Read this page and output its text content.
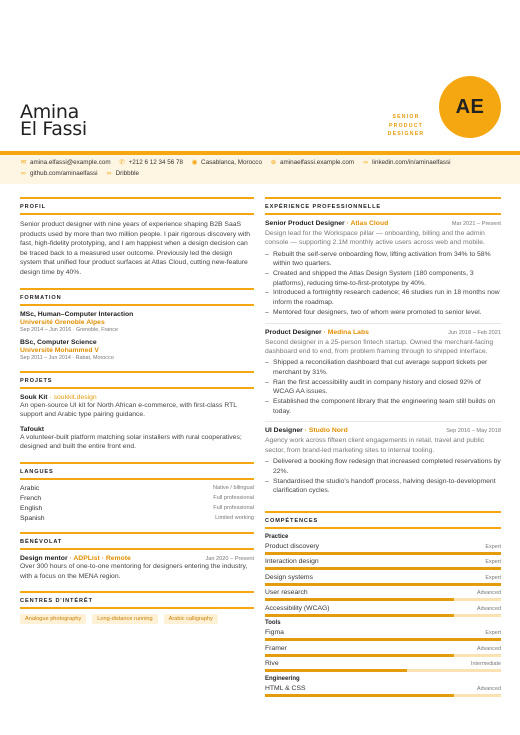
Amina
El Fassi
SENIOR
PRODUCT
DESIGNER
AE
✉ amina.elfassi@example.com ✆ +212 6 12 34 56 78 ◉ Casablanca, Morocco ⊕ aminaelfassi.example.com ∞ linkedin.com/in/aminaelfassi
∞ github.com/aminaelfassi ∞ Dribbble
PROFIL
Senior product designer with nine years of experience shaping B2B SaaS products used by more than two million people. I pair rigorous discovery with fast, high-fidelity prototyping, and I am happiest when a design decision can be traced back to a measured user outcome. Previously led the design system that unified four product surfaces at Atlas Cloud, cutting new-feature design time by 40%.
FORMATION
MSc, Human–Computer Interaction
Université Grenoble Alpes
Sep 2014 – Jun 2016 · Grenoble, France
BSc, Computer Science
Université Mohammed V
Sep 2011 – Jun 2014 · Rabat, Morocco
PROJETS
Souk Kit · soukkit.design
An open-source UI kit for North African e-commerce, with first-class RTL support and Arabic type pairing guidance.
Tafoukt
A volunteer-built platform matching solar installers with rural cooperatives; designed and built the entire front end.
LANGUES
Arabic	Native / bilingual
French	Full professional
English	Full professional
Spanish	Limited working
BÉNÉVOLAT
Design mentor · ADPList · Remote	Jan 2020 – Present
Over 300 hours of one-to-one mentoring for designers entering the industry, with a focus on the MENA region.
CENTRES D'INTÉRÊT
Analogue photography	Long-distance running	Arabic calligraphy
EXPÉRIENCE PROFESSIONNELLE
Senior Product Designer · Atlas Cloud	Mar 2021 – Present
Design lead for the Workspace pillar — onboarding, billing and the admin console — supporting 2.1M monthly active users across web and mobile.
– Rebuilt the self-serve onboarding flow, lifting activation from 34% to 58% within two quarters.
– Created and shipped the Atlas Design System (180 components, 3 platforms), reducing time-to-first-prototype by 40%.
– Introduced a fortnightly research cadence; 46 studies run in 18 months now inform the roadmap.
– Mentored four designers, two of whom were promoted to senior level.
Product Designer · Medina Labs	Jun 2018 – Feb 2021
Second designer in a 25-person fintech startup. Owned the merchant-facing dashboard end to end, from problem framing through to shipped interface.
– Shipped a reconciliation dashboard that cut average support tickets per merchant by 31%.
– Ran the first accessibility audit in company history and closed 92% of WCAG AA issues.
– Established the component library that the engineering team still builds on today.
UI Designer · Studio Nord	Sep 2016 – May 2018
Agency work across fifteen client engagements in retail, travel and public sector, from brand-led marketing sites to internal tooling.
– Delivered a booking flow redesign that increased completed reservations by 22%.
– Standardised the studio's handoff process, halving design-to-development clarification cycles.
COMPÉTENCES
Practice
Product discovery	Expert
Interaction design	Expert
Design systems	Expert
User research	Advanced
Accessibility (WCAG)	Advanced
Tools
Figma	Expert
Framer	Advanced
Rive	Intermediate
Engineering
HTML & CSS	Advanced
